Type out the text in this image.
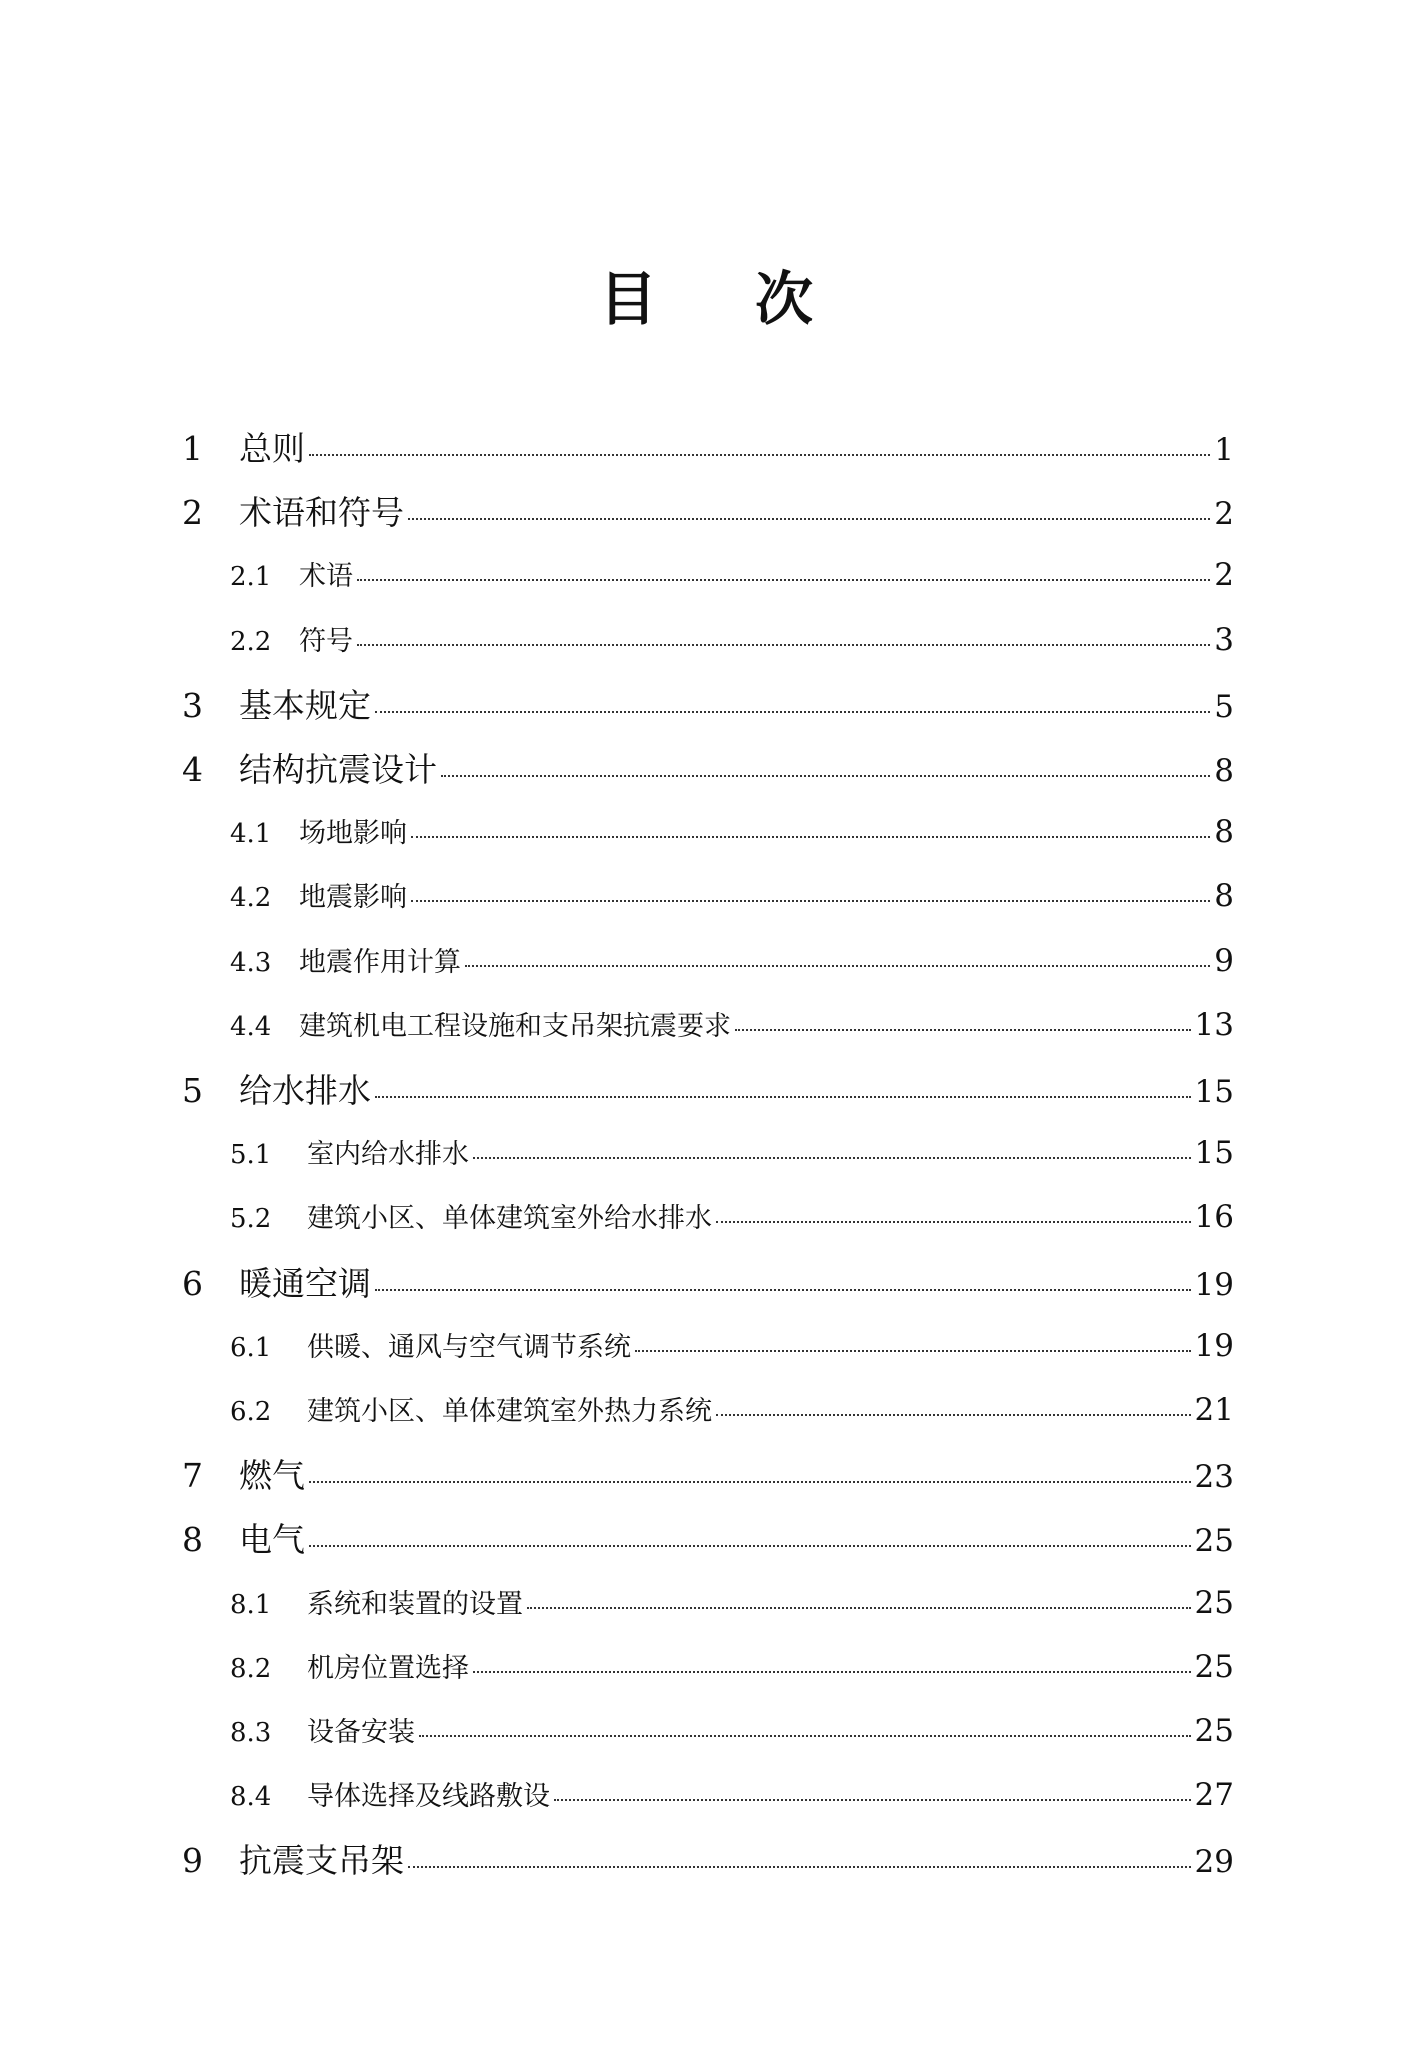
目 次
1	总则	1
2	术语和符号	2
2.1	术语	2
2.2	符号	3
3	基本规定	5
4	结构抗震设计	8
4.1	场地影响	8
4.2	地震影响	8
4.3	地震作用计算	9
4.4	建筑机电工程设施和支吊架抗震要求	13
5	给水排水	15
5.1	室内给水排水	15
5.2	建筑小区、单体建筑室外给水排水	16
6	暖通空调	19
6.1	供暖、通风与空气调节系统	19
6.2	建筑小区、单体建筑室外热力系统	21
7	燃气	23
8	电气	25
8.1	系统和装置的设置	25
8.2	机房位置选择	25
8.3	设备安装	25
8.4	导体选择及线路敷设	27
9	抗震支吊架	29
